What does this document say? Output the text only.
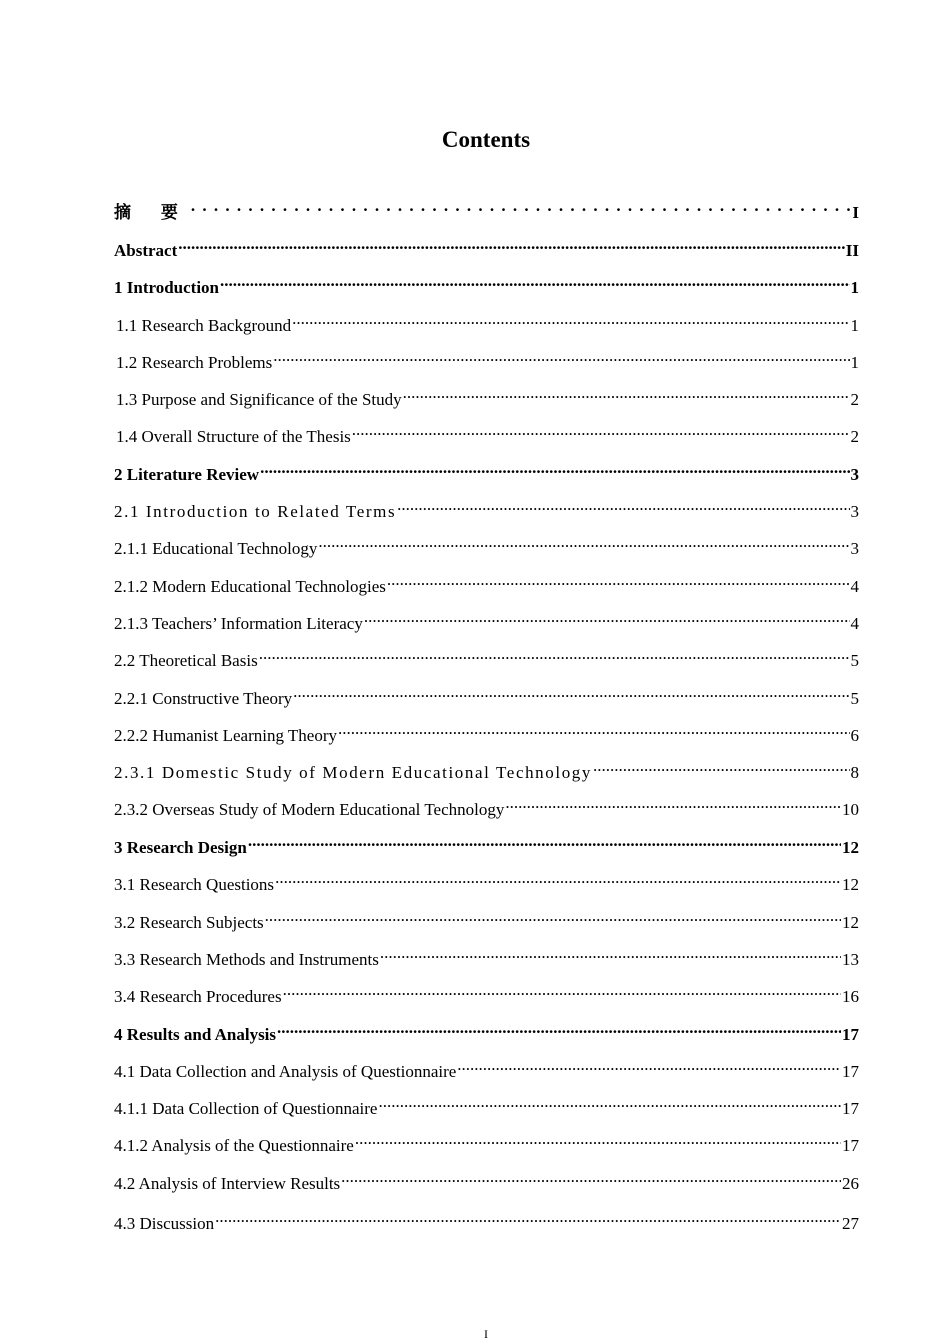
Contents
摘 要 . . .	I
Abstract .....	II
1 Introduction .....	1
1.1 Research Background .....	1
1.2 Research Problems .....	1
1.3 Purpose and Significance of the Study .....	2
1.4 Overall Structure of the Thesis .....	2
2 Literature Review .....	3
2.1 Introduction to Related Terms .....	3
2.1.1 Educational Technology .....	3
2.1.2 Modern Educational Technologies .....	4
2.1.3 Teachers’ Information Literacy .....	4
2.2 Theoretical Basis .....	5
2.2.1 Constructive Theory .....	5
2.2.2 Humanist Learning Theory .....	6
2.3.1 Domestic Study of Modern Educational Technology .....	8
2.3.2 Overseas Study of Modern Educational Technology .....	10
3 Research Design .....	12
3.1 Research Questions .....	12
3.2 Research Subjects .....	12
3.3 Research Methods and Instruments .....	13
3.4 Research Procedures .....	16
4 Results and Analysis .....	17
4.1 Data Collection and Analysis of Questionnaire .....	17
4.1.1 Data Collection of Questionnaire .....	17
4.1.2 Analysis of the Questionnaire .....	17
4.2 Analysis of Interview Results .....	26
4.3 Discussion .....	27
I
